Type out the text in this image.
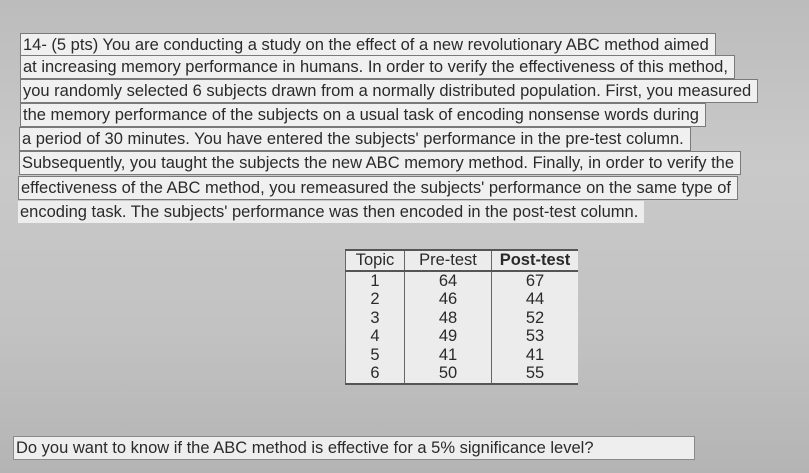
14- (5 pts) You are conducting a study on the effect of a new revolutionary ABC method aimed
at increasing memory performance in humans. In order to verify the effectiveness of this method,
you randomly selected 6 subjects drawn from a normally distributed population. First, you measured
the memory performance of the subjects on a usual task of encoding nonsense words during
a period of 30 minutes. You have entered the subjects' performance in the pre-test column.
Subsequently, you taught the subjects the new ABC memory method. Finally, in order to verify the
effectiveness of the ABC method, you remeasured the subjects' performance on the same type of
encoding task. The subjects' performance was then encoded in the post-test column.
Topic	Pre-test	Post-test
1	64	67
2	46	44
3	48	52
4	49	53
5	41	41
6	50	55
Do you want to know if the ABC method is effective for a 5% significance level?
